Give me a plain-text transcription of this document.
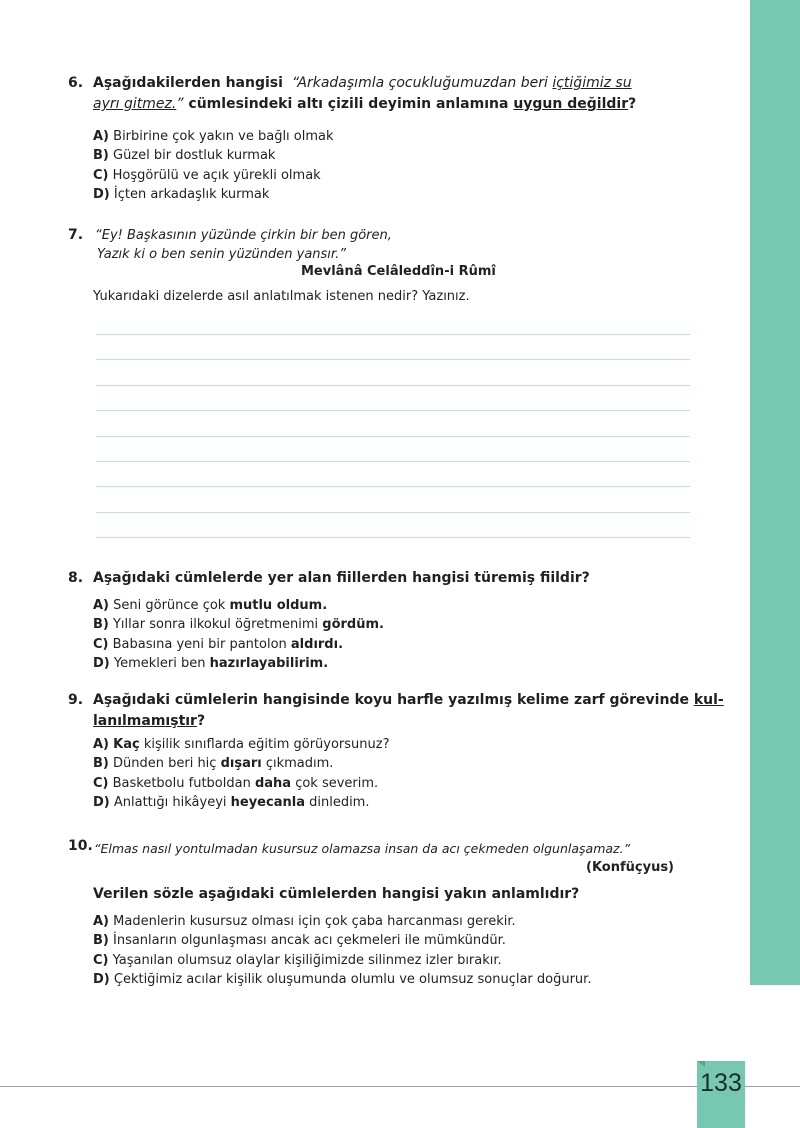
133
6. Aşağıdakilerden hangisi “Arkadaşımla çocukluğumuzdan beri içtiğimiz su
ayrı gitmez.” cümlesindeki altı çizili deyimin anlamına uygun değildir?
A) Birbirine çok yakın ve bağlı olmak
B) Güzel bir dostluk kurmak
C) Hoşgörülü ve açık yürekli olmak
D) İçten arkadaşlık kurmak
7. “Ey! Başkasının yüzünde çirkin bir ben gören,
Yazık ki o ben senin yüzünden yansır.”
Mevlânâ Celâleddîn-i Rûmî
Yukarıdaki dizelerde asıl anlatılmak istenen nedir? Yazınız.
8. Aşağıdaki cümlelerde yer alan fiillerden hangisi türemiş fiildir?
A) Seni görünce çok mutlu oldum.
B) Yıllar sonra ilkokul öğretmenimi gördüm.
C) Babasına yeni bir pantolon aldırdı.
D) Yemekleri ben hazırlayabilirim.
9. Aşağıdaki cümlelerin hangisinde koyu harfle yazılmış kelime zarf görevinde kul-
lanılmamıştır?
A) Kaç kişilik sınıflarda eğitim görüyorsunuz?
B) Dünden beri hiç dışarı çıkmadım.
C) Basketbolu futboldan daha çok severim.
D) Anlattığı hikâyeyi heyecanla dinledim.
10. “Elmas nasıl yontulmadan kusursuz olamazsa insan da acı çekmeden olgunlaşamaz.”
(Konfüçyus)
Verilen sözle aşağıdaki cümlelerden hangisi yakın anlamlıdır?
A) Madenlerin kusursuz olması için çok çaba harcanması gerekir.
B) İnsanların olgunlaşması ancak acı çekmeleri ile mümkündür.
C) Yaşanılan olumsuz olaylar kişiliğimizde silinmez izler bırakır.
D) Çektiğimiz acılar kişilik oluşumunda olumlu ve olumsuz sonuçlar doğurur.
